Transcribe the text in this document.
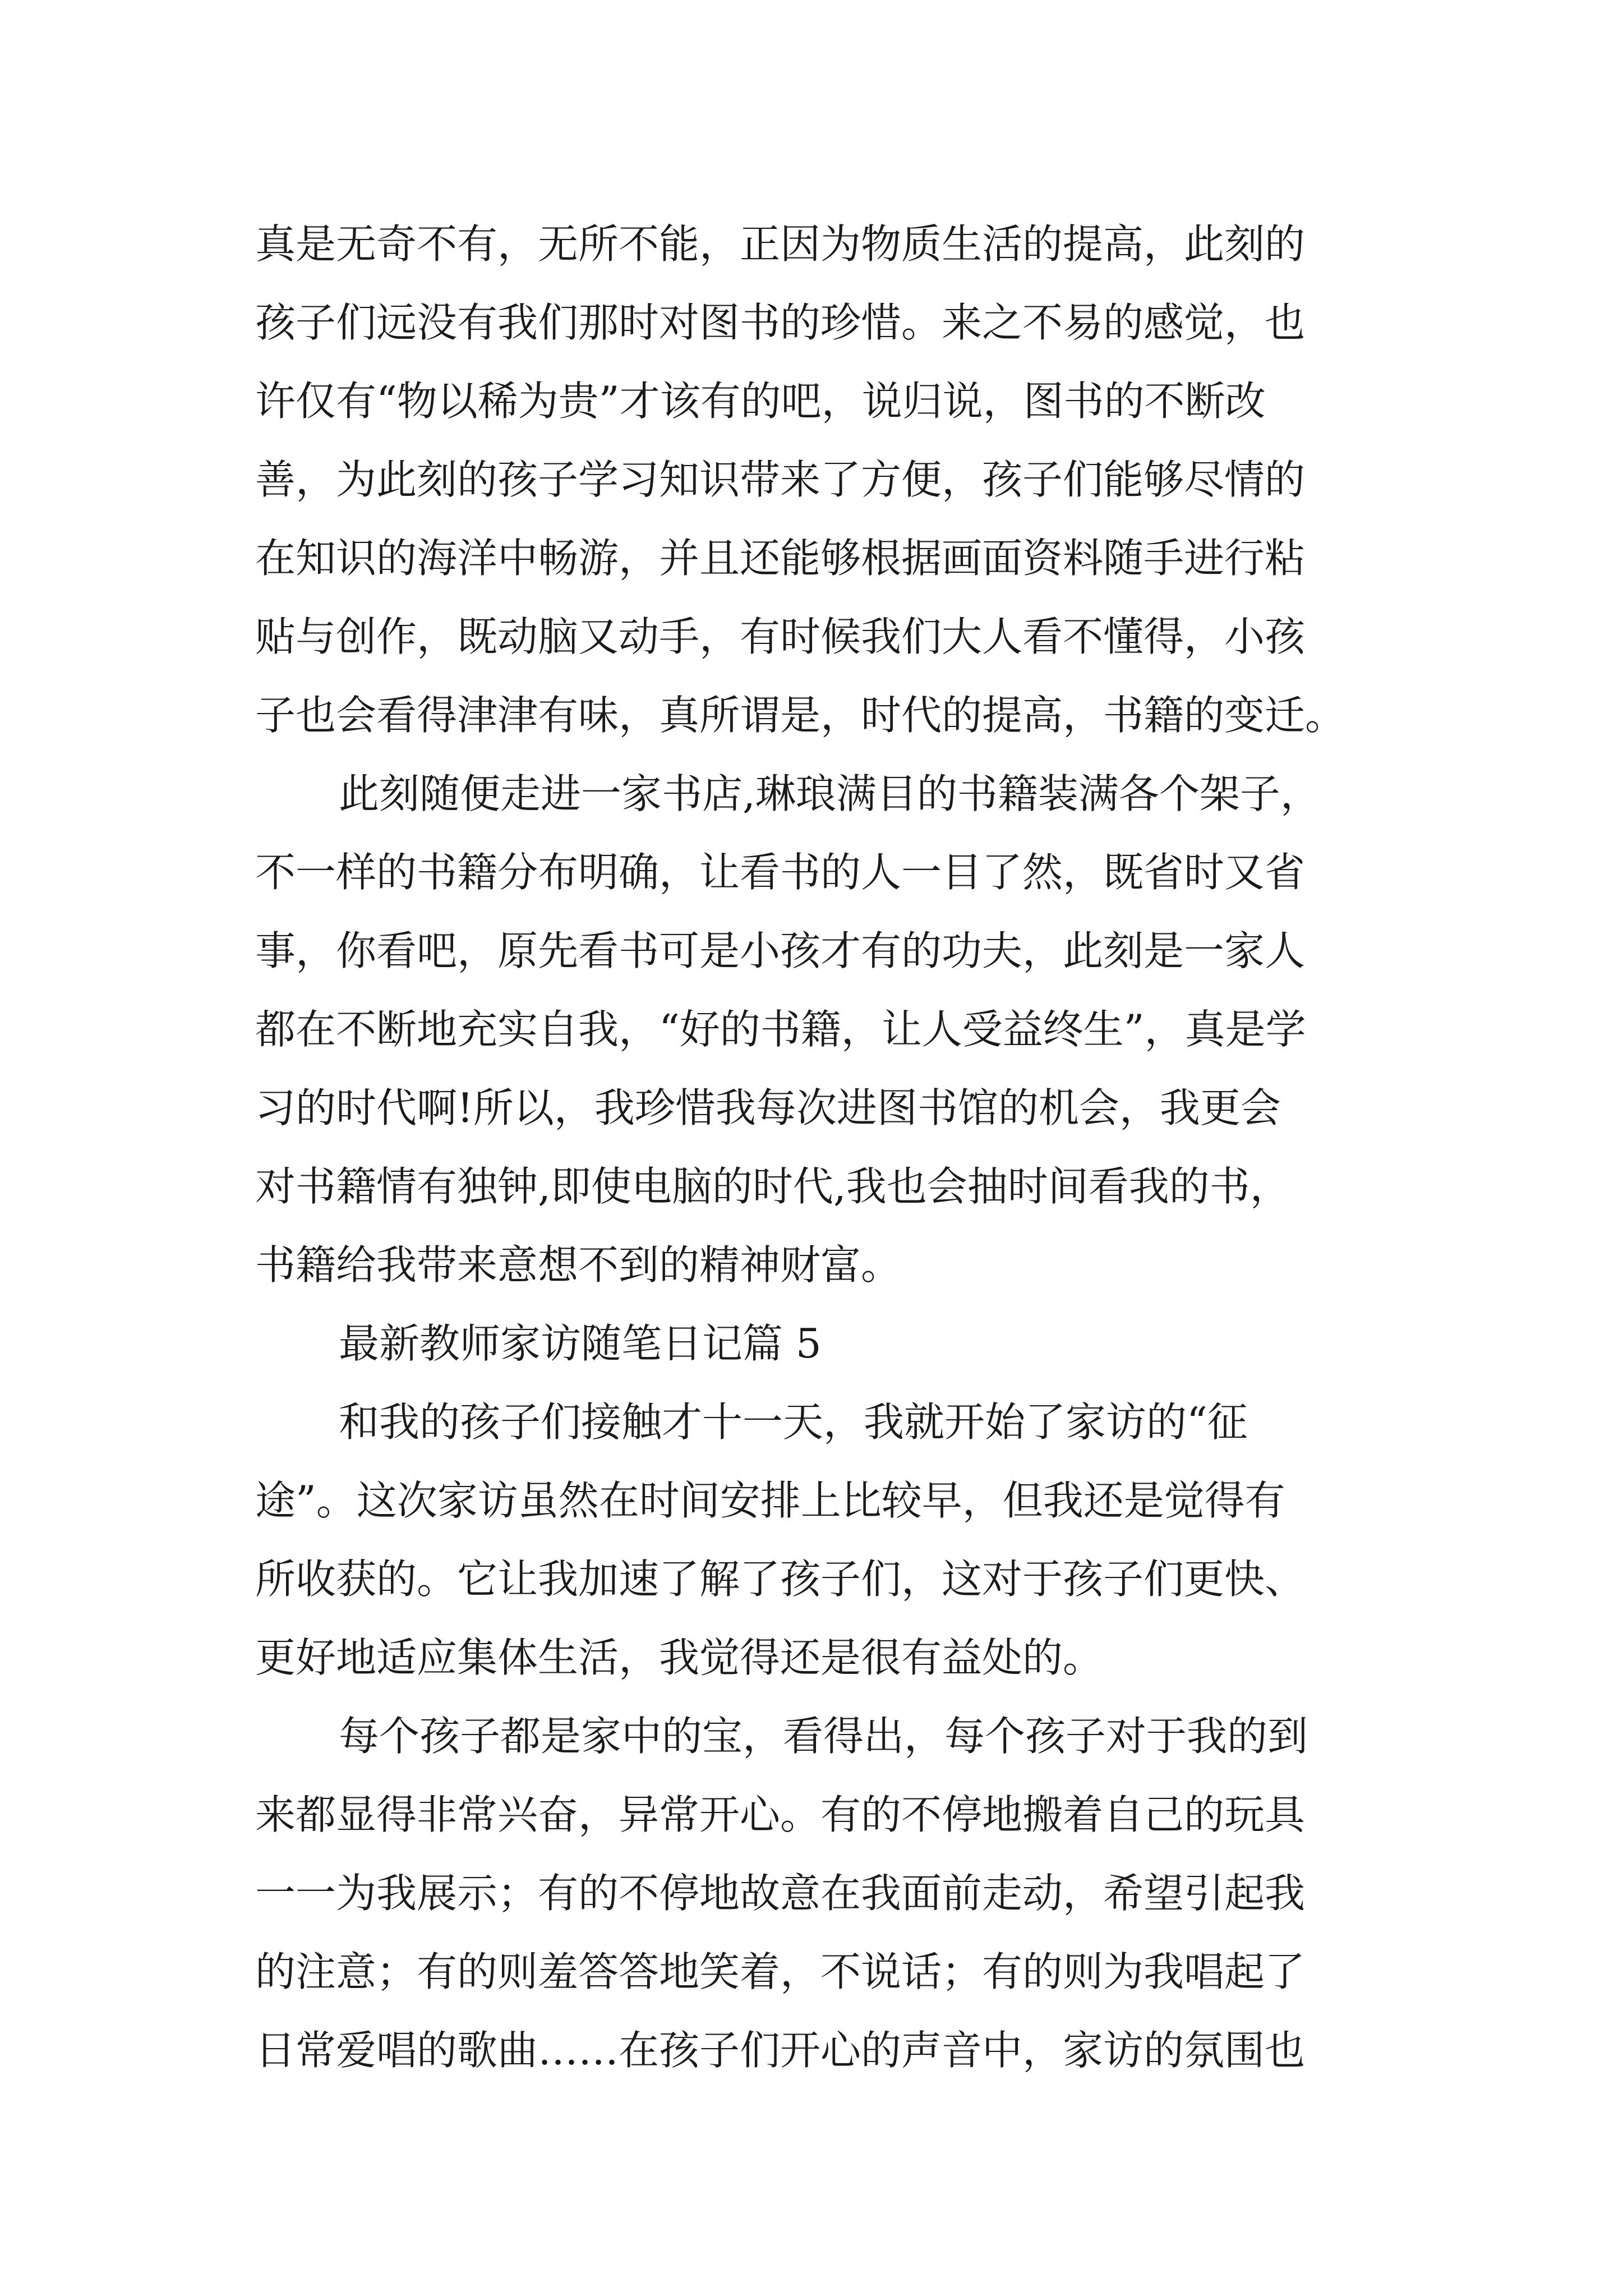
真是无奇不有，无所不能，正因为物质生活的提高，此刻的

孩子们远没有我们那时对图书的珍惜。来之不易的感觉，也

许仅有“物以稀为贵”才该有的吧，说归说，图书的不断改

善，为此刻的孩子学习知识带来了方便，孩子们能够尽情的

在知识的海洋中畅游，并且还能够根据画面资料随手进行粘

贴与创作，既动脑又动手，有时候我们大人看不懂得，小孩

子也会看得津津有味，真所谓是，时代的提高，书籍的变迁。

此刻随便走进一家书店,琳琅满目的书籍装满各个架子，

不一样的书籍分布明确，让看书的人一目了然，既省时又省

事，你看吧，原先看书可是小孩才有的功夫，此刻是一家人

都在不断地充实自我，“好的书籍，让人受益终生”，真是学

习的时代啊!所以，我珍惜我每次进图书馆的机会，我更会

对书籍情有独钟,即使电脑的时代,我也会抽时间看我的书，

书籍给我带来意想不到的精神财富。

最新教师家访随笔日记篇 5

和我的孩子们接触才十一天，我就开始了家访的“征

途”。这次家访虽然在时间安排上比较早，但我还是觉得有

所收获的。它让我加速了解了孩子们，这对于孩子们更快、

更好地适应集体生活，我觉得还是很有益处的。

每个孩子都是家中的宝，看得出，每个孩子对于我的到

来都显得非常兴奋，异常开心。有的不停地搬着自己的玩具

一一为我展示；有的不停地故意在我面前走动，希望引起我

的注意；有的则羞答答地笑着，不说话；有的则为我唱起了

日常爱唱的歌曲……在孩子们开心的声音中，家访的氛围也
